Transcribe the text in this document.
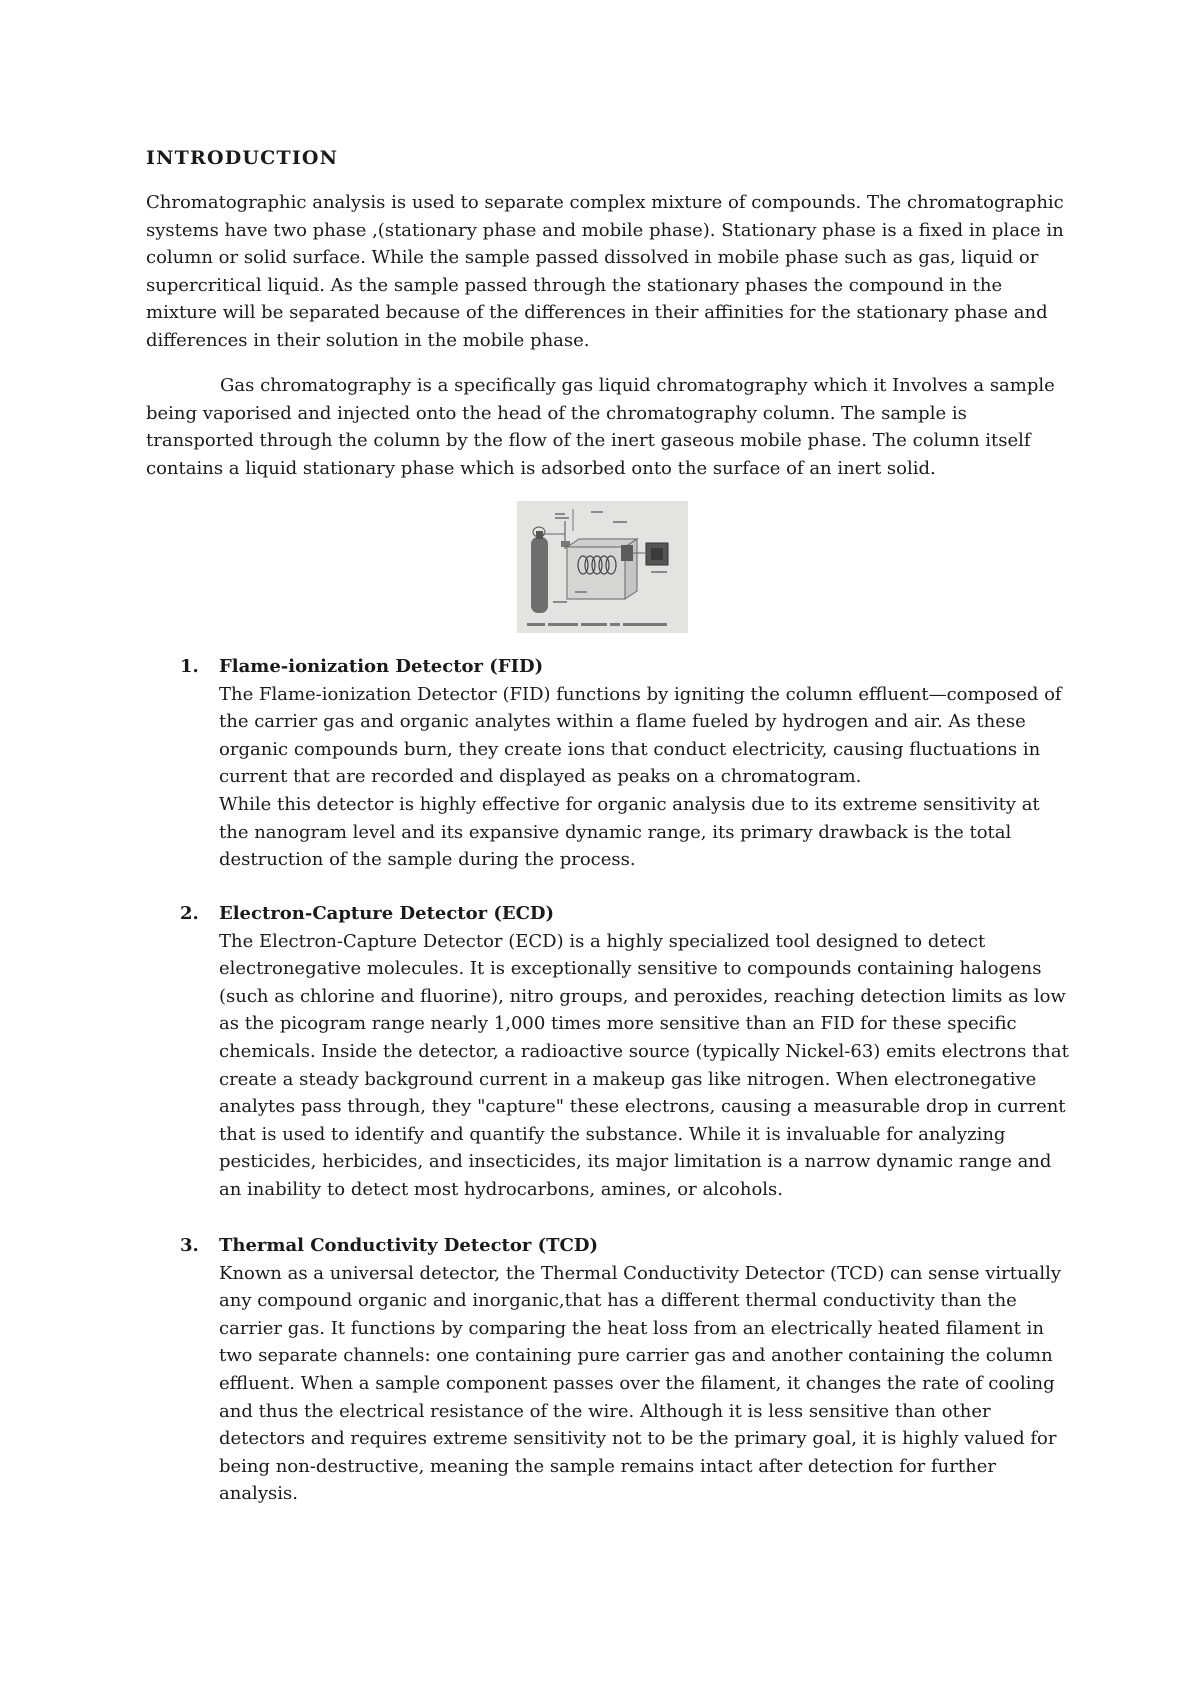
INTRODUCTION

Chromatographic analysis is used to separate complex mixture of compounds. The chromatographic systems have two phase ,(stationary phase and mobile phase). Stationary phase is a fixed in place in column or solid surface. While the sample passed dissolved in mobile phase such as gas, liquid or supercritical liquid. As the sample passed through the stationary phases the compound in the mixture will be separated because of the differences in their affinities for the stationary phase and differences in their solution in the mobile phase.

Gas chromatography is a specifically gas liquid chromatography which it Involves a sample being vaporised and injected onto the head of the chromatography column. The sample is transported through the column by the flow of the inert gaseous mobile phase. The column itself contains a liquid stationary phase which is adsorbed onto the surface of an inert solid.

1. Flame-ionization Detector (FID)

The Flame-ionization Detector (FID) functions by igniting the column effluent—composed of the carrier gas and organic analytes within a flame fueled by hydrogen and air. As these organic compounds burn, they create ions that conduct electricity, causing fluctuations in current that are recorded and displayed as peaks on a chromatogram.

While this detector is highly effective for organic analysis due to its extreme sensitivity at the nanogram level and its expansive dynamic range, its primary drawback is the total destruction of the sample during the process.

2. Electron-Capture Detector (ECD)

The Electron-Capture Detector (ECD) is a highly specialized tool designed to detect electronegative molecules. It is exceptionally sensitive to compounds containing halogens (such as chlorine and fluorine), nitro groups, and peroxides, reaching detection limits as low as the picogram range nearly 1,000 times more sensitive than an FID for these specific chemicals. Inside the detector, a radioactive source (typically Nickel-63) emits electrons that create a steady background current in a makeup gas like nitrogen. When electronegative analytes pass through, they "capture" these electrons, causing a measurable drop in current that is used to identify and quantify the substance. While it is invaluable for analyzing pesticides, herbicides, and insecticides, its major limitation is a narrow dynamic range and an inability to detect most hydrocarbons, amines, or alcohols.

3. Thermal Conductivity Detector (TCD)

Known as a universal detector, the Thermal Conductivity Detector (TCD) can sense virtually any compound organic and inorganic,that has a different thermal conductivity than the carrier gas. It functions by comparing the heat loss from an electrically heated filament in two separate channels: one containing pure carrier gas and another containing the column effluent. When a sample component passes over the filament, it changes the rate of cooling and thus the electrical resistance of the wire. Although it is less sensitive than other detectors and requires extreme sensitivity not to be the primary goal, it is highly valued for being non-destructive, meaning the sample remains intact after detection for further analysis.
